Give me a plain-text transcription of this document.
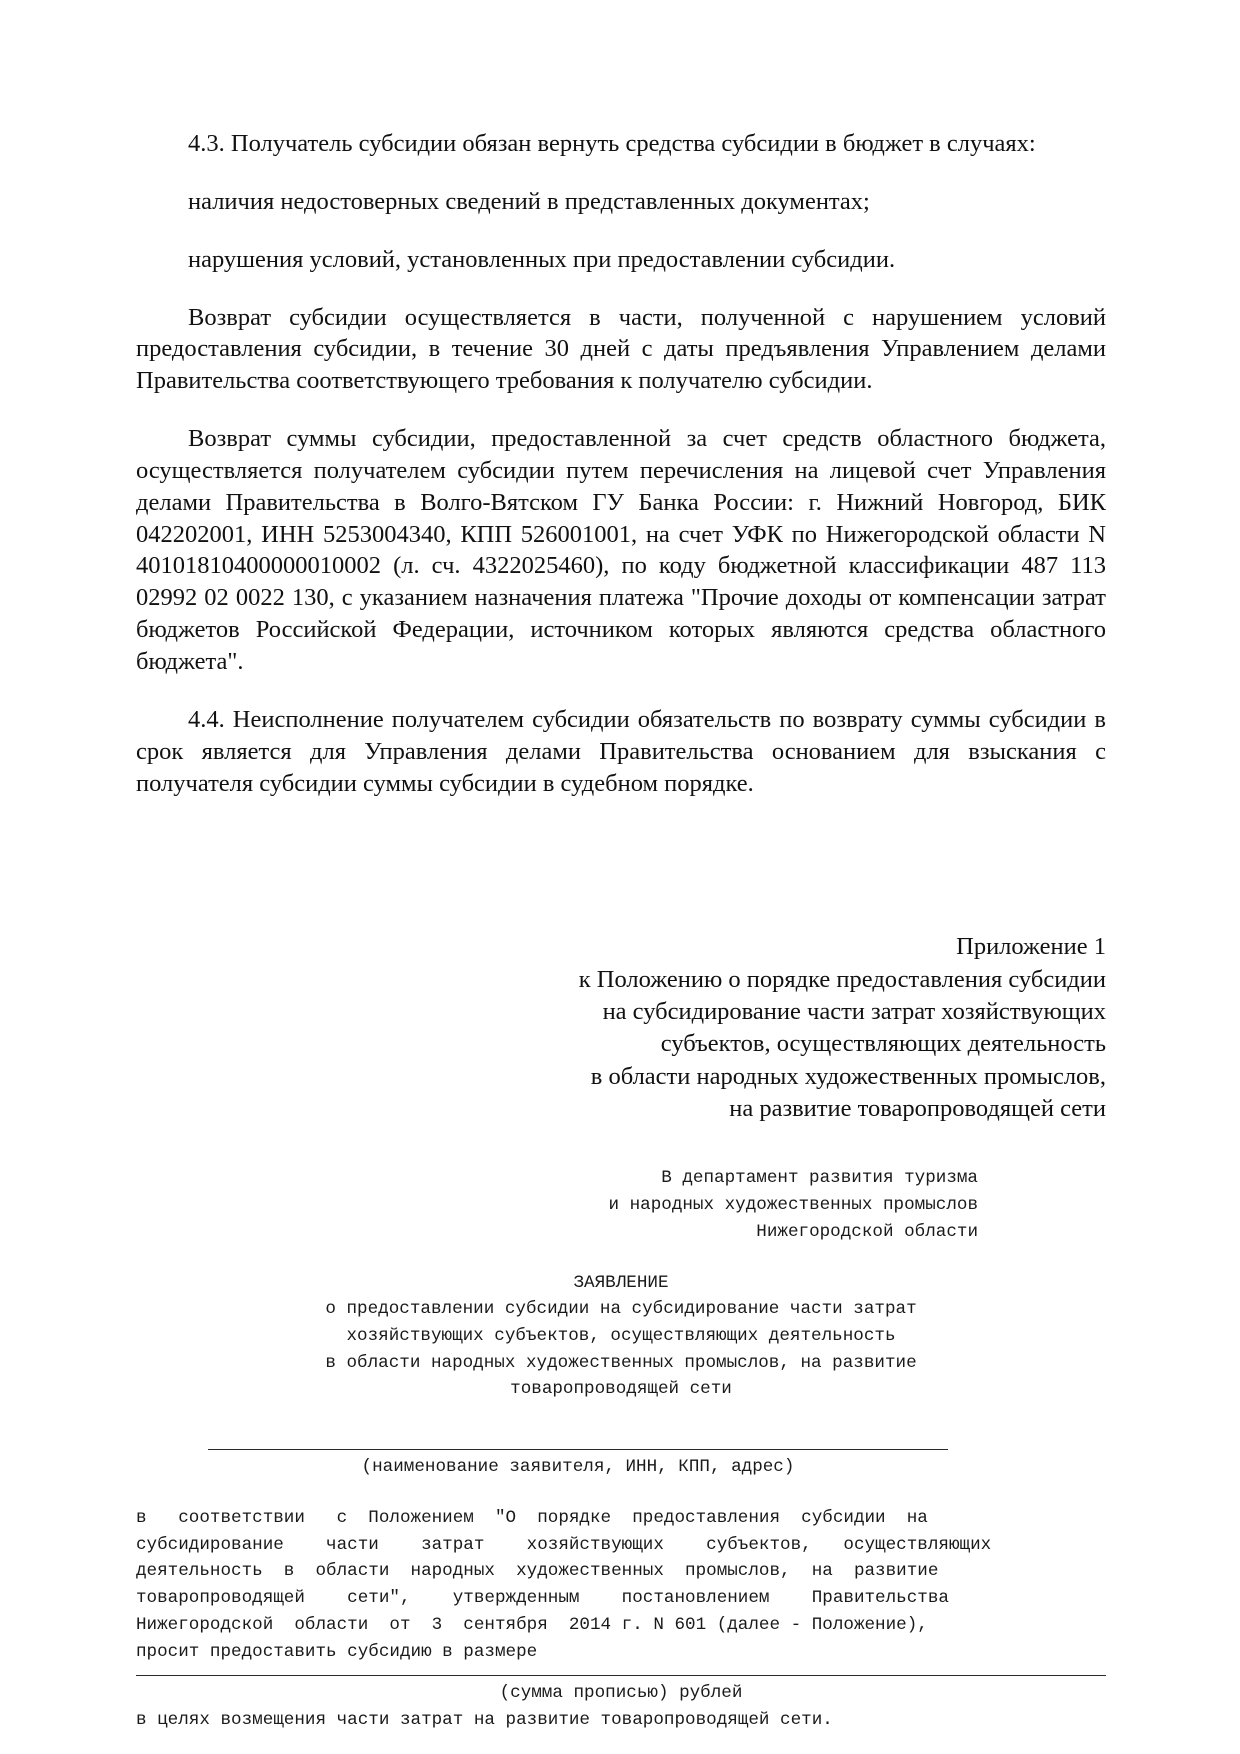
4.3. Получатель субсидии обязан вернуть средства субсидии в бюджет в случаях:

наличия недостоверных сведений в представленных документах;

нарушения условий, установленных при предоставлении субсидии.

Возврат субсидии осуществляется в части, полученной с нарушением условий предоставления субсидии, в течение 30 дней с даты предъявления Управлением делами Правительства соответствующего требования к получателю субсидии.

Возврат суммы субсидии, предоставленной за счет средств областного бюджета, осуществляется получателем субсидии путем перечисления на лицевой счет Управления делами Правительства в Волго-Вятском ГУ Банка России: г. Нижний Новгород, БИК 042202001, ИНН 5253004340, КПП 526001001, на счет УФК по Нижегородской области N 40101810400000010002 (л. сч. 4322025460), по коду бюджетной классификации 487 113 02992 02 0022 130, с указанием назначения платежа "Прочие доходы от компенсации затрат бюджетов Российской Федерации, источником которых являются средства областного бюджета".

4.4. Неисполнение получателем субсидии обязательств по возврату суммы субсидии в срок является для Управления делами Правительства основанием для взыскания с получателя субсидии суммы субсидии в судебном порядке.

Приложение 1
к Положению о порядке предоставления субсидии
на субсидирование части затрат хозяйствующих
субъектов, осуществляющих деятельность
в области народных художественных промыслов,
на развитие товаропроводящей сети
В департамент развития туризма
и народных художественных промыслов
Нижегородской области
ЗАЯВЛЕНИЕ
о предоставлении субсидии на субсидирование части затрат
хозяйствующих субъектов, осуществляющих деятельность
в области народных художественных промыслов, на развитие
товаропроводящей сети
(наименование заявителя, ИНН, КПП, адрес)
в   соответствии   с  Положением  "О  порядке  предоставления  субсидии  на
субсидирование    части    затрат    хозяйствующих    субъектов,   осуществляющих
деятельность  в  области  народных  художественных  промыслов,  на  развитие
товаропроводящей    сети",    утвержденным    постановлением    Правительства
Нижегородской  области  от  3  сентября  2014 г. N 601 (далее - Положение),
просит предоставить субсидию в размере
(сумма прописью) рублей
в целях возмещения части затрат на развитие товаропроводящей сети.
